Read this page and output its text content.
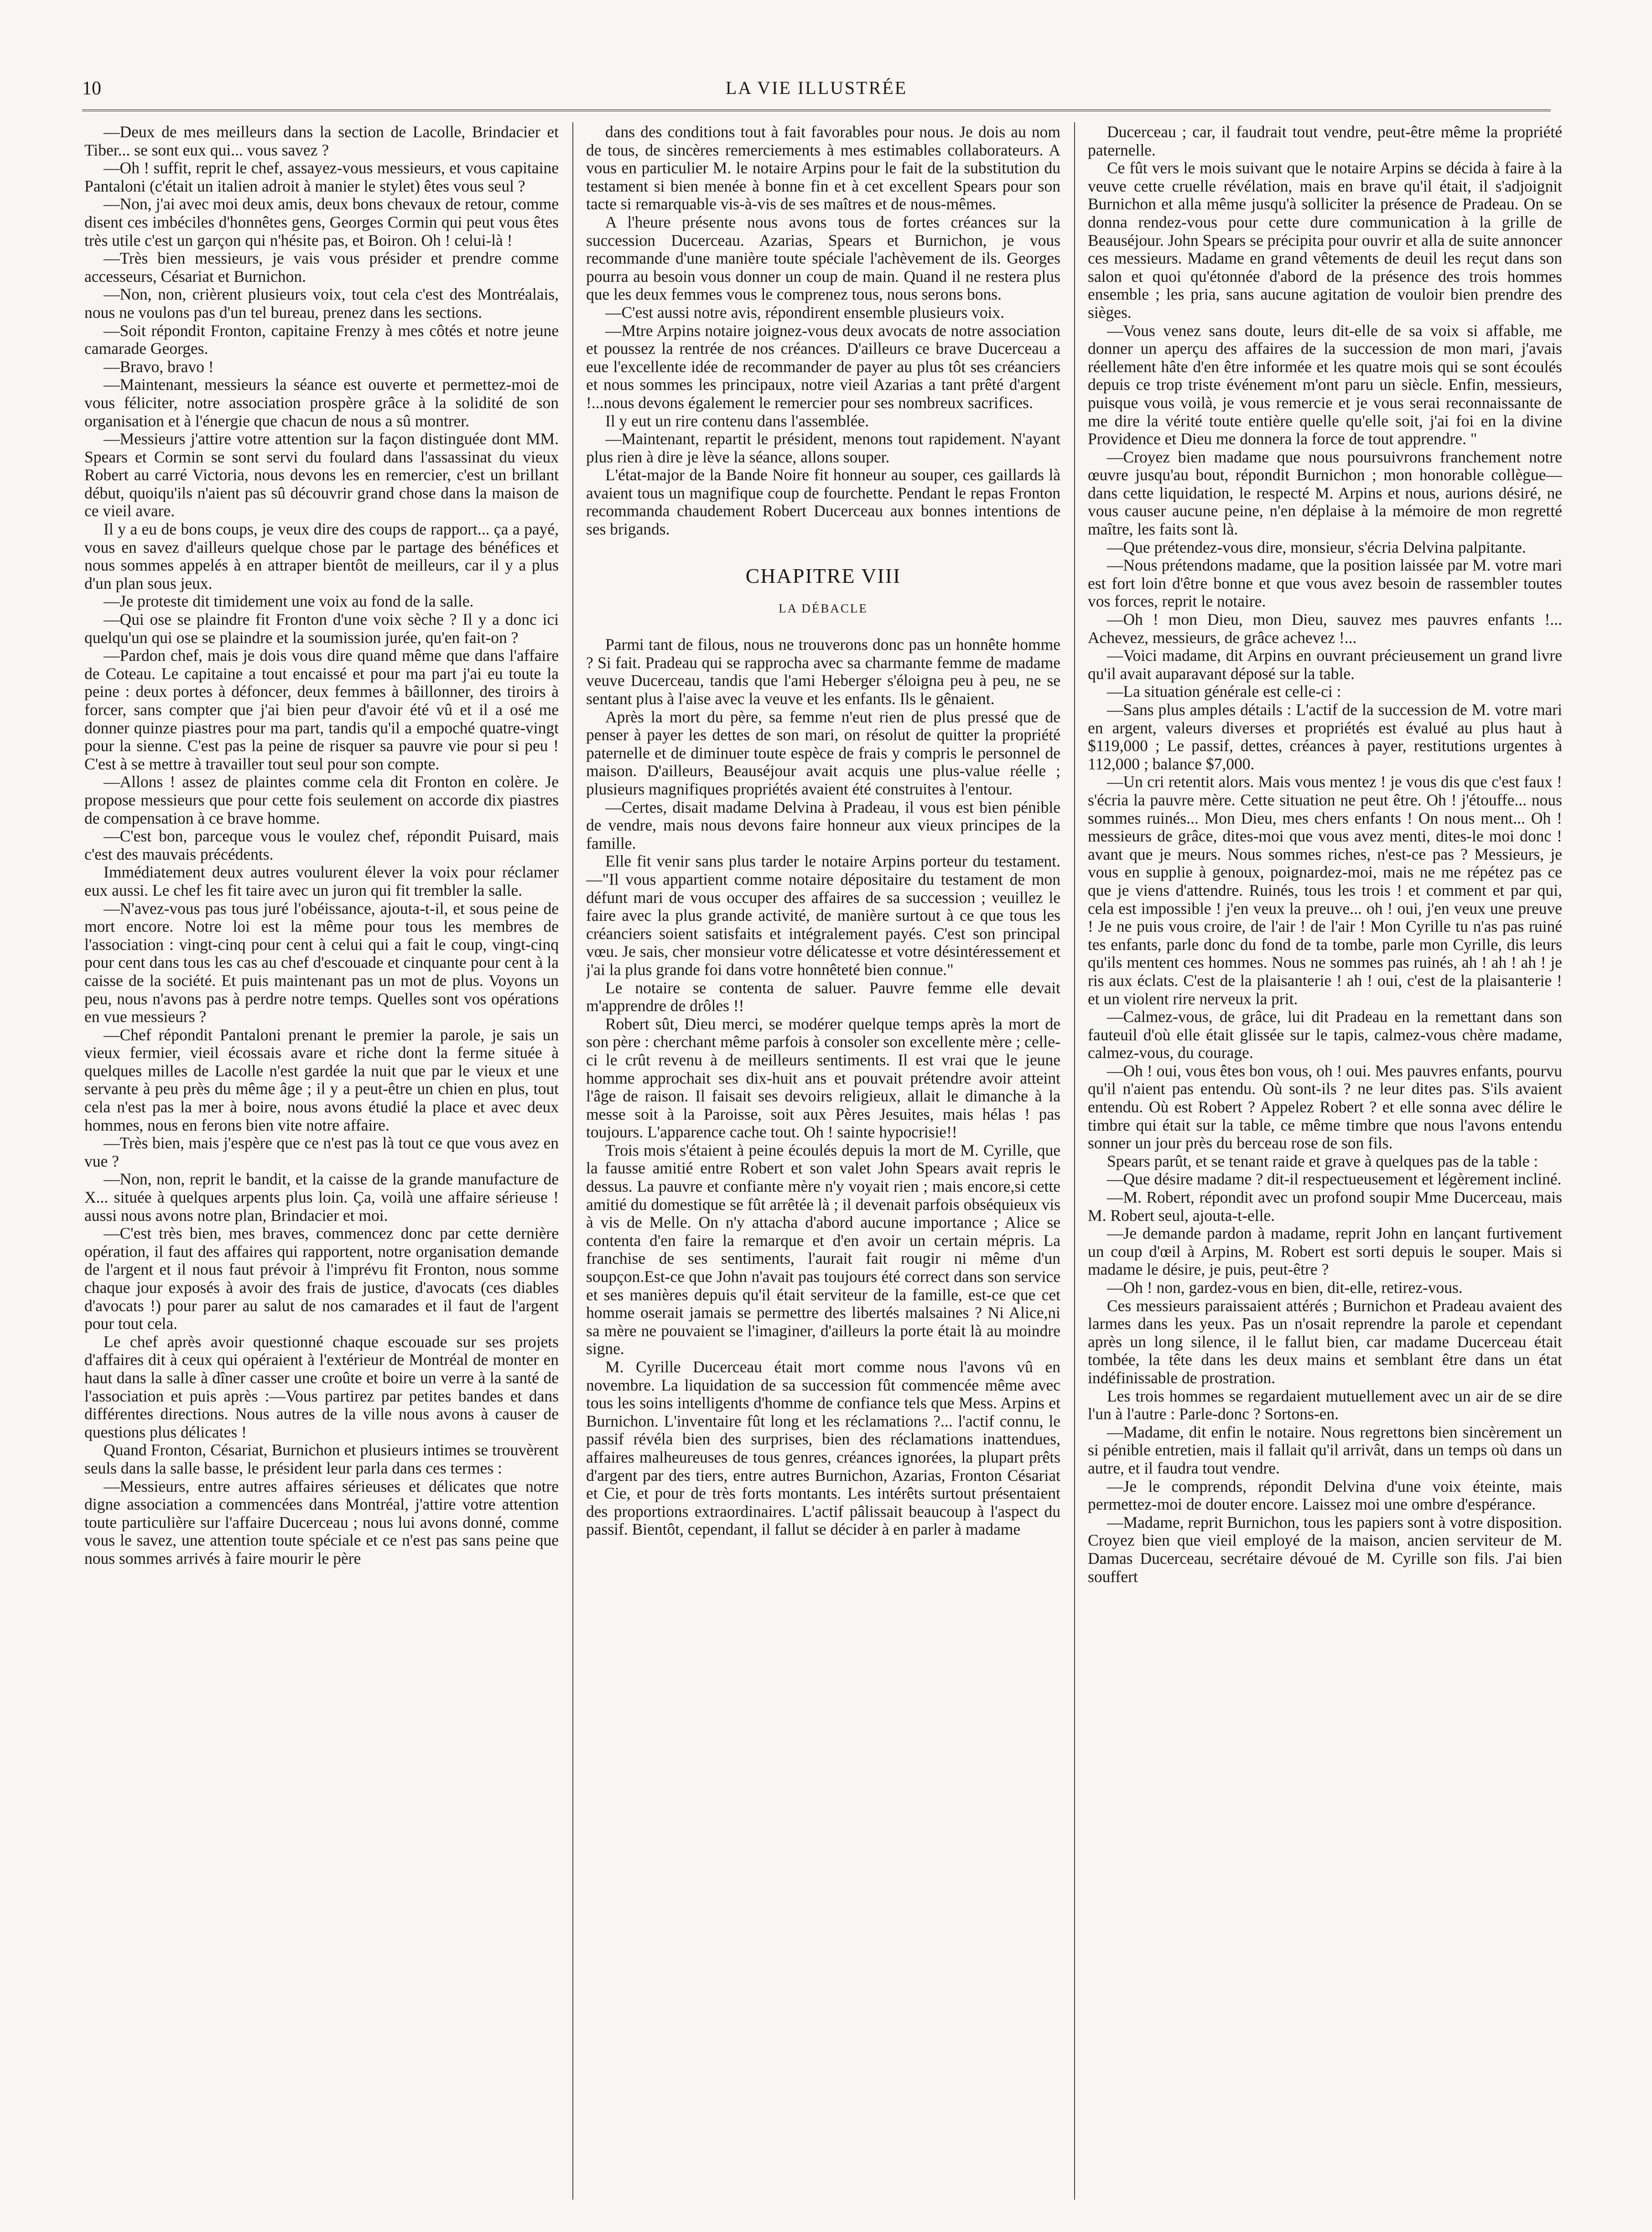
10	LA VIE ILLUSTRÉE

—Deux de mes meilleurs dans la section de Lacolle, Brindacier et Tiber... se sont eux qui... vous savez ?

—Oh ! suffit, reprit le chef, assayez-vous messieurs, et vous capitaine Pantaloni (c'était un italien adroit à manier le stylet) êtes vous seul ?

—Non, j'ai avec moi deux amis, deux bons chevaux de retour, comme disent ces imbéciles d'honnêtes gens, Georges Cormin qui peut vous êtes très utile c'est un garçon qui n'hésite pas, et Boiron. Oh ! celui-là !

—Très bien messieurs, je vais vous présider et prendre comme accesseurs, Césariat et Burnichon.

—Non, non, crièrent plusieurs voix, tout cela c'est des Montréalais, nous ne voulons pas d'un tel bureau, prenez dans les sections.

—Soit répondit Fronton, capitaine Frenzy à mes côtés et notre jeune camarade Georges.

—Bravo, bravo !

—Maintenant, messieurs la séance est ouverte et permettez-moi de vous féliciter, notre association prospère grâce à la solidité de son organisation et à l'énergie que chacun de nous a sû montrer.

—Messieurs j'attire votre attention sur la façon distinguée dont MM. Spears et Cormin se sont servi du foulard dans l'assassinat du vieux Robert au carré Victoria, nous devons les en remercier, c'est un brillant début, quoiqu'ils n'aient pas sû découvrir grand chose dans la maison de ce vieil avare.

Il y a eu de bons coups, je veux dire des coups de rapport... ça a payé, vous en savez d'ailleurs quelque chose par le partage des bénéfices et nous sommes appelés à en attraper bientôt de meilleurs, car il y a plus d'un plan sous jeux.

—Je proteste dit timidement une voix au fond de la salle.

—Qui ose se plaindre fit Fronton d'une voix sèche ? Il y a donc ici quelqu'un qui ose se plaindre et la soumission jurée, qu'en fait-on ?

—Pardon chef, mais je dois vous dire quand même que dans l'affaire de Coteau. Le capitaine a tout encaissé et pour ma part j'ai eu toute la peine : deux portes à défoncer, deux femmes à bâillonner, des tiroirs à forcer, sans compter que j'ai bien peur d'avoir été vû et il a osé me donner quinze piastres pour ma part, tandis qu'il a empoché quatre-vingt pour la sienne. C'est pas la peine de risquer sa pauvre vie pour si peu ! C'est à se mettre à travailler tout seul pour son compte.

—Allons ! assez de plaintes comme cela dit Fronton en colère. Je propose messieurs que pour cette fois seulement on accorde dix piastres de compensation à ce brave homme.

—C'est bon, parceque vous le voulez chef, répondit Puisard, mais c'est des mauvais précédents.

Immédiatement deux autres voulurent élever la voix pour réclamer eux aussi. Le chef les fit taire avec un juron qui fit trembler la salle.

—N'avez-vous pas tous juré l'obéissance, ajouta-t-il, et sous peine de mort encore. Notre loi est la même pour tous les membres de l'association : vingt-cinq pour cent à celui qui a fait le coup, vingt-cinq pour cent dans tous les cas au chef d'escouade et cinquante pour cent à la caisse de la société. Et puis maintenant pas un mot de plus. Voyons un peu, nous n'avons pas à perdre notre temps. Quelles sont vos opérations en vue messieurs ?

—Chef répondit Pantaloni prenant le premier la parole, je sais un vieux fermier, vieil écossais avare et riche dont la ferme située à quelques milles de Lacolle n'est gardée la nuit que par le vieux et une servante à peu près du même âge ; il y a peut-être un chien en plus, tout cela n'est pas la mer à boire, nous avons étudié la place et avec deux hommes, nous en ferons bien vite notre affaire.

—Très bien, mais j'espère que ce n'est pas là tout ce que vous avez en vue ?

—Non, non, reprit le bandit, et la caisse de la grande manufacture de X... située à quelques arpents plus loin. Ça, voilà une affaire sérieuse ! aussi nous avons notre plan, Brindacier et moi.

—C'est très bien, mes braves, commencez donc par cette dernière opération, il faut des affaires qui rapportent, notre organisation demande de l'argent et il nous faut prévoir à l'imprévu fit Fronton, nous somme chaque jour exposés à avoir des frais de justice, d'avocats (ces diables d'avocats !) pour parer au salut de nos camarades et il faut de l'argent pour tout cela.

Le chef après avoir questionné chaque escouade sur ses projets d'affaires dit à ceux qui opéraient à l'extérieur de Montréal de monter en haut dans la salle à dîner casser une croûte et boire un verre à la santé de l'association et puis après :—Vous partirez par petites bandes et dans différentes directions. Nous autres de la ville nous avons à causer de questions plus délicates !

Quand Fronton, Césariat, Burnichon et plusieurs intimes se trouvèrent seuls dans la salle basse, le président leur parla dans ces termes :

—Messieurs, entre autres affaires sérieuses et délicates que notre digne association a commencées dans Montréal, j'attire votre attention toute particulière sur l'affaire Ducerceau ; nous lui avons donné, comme vous le savez, une attention toute spéciale et ce n'est pas sans peine que nous sommes arrivés à faire mourir le père

dans des conditions tout à fait favorables pour nous. Je dois au nom de tous, de sincères remerciements à mes estimables collaborateurs. A vous en particulier M. le notaire Arpins pour le fait de la substitution du testament si bien menée à bonne fin et à cet excellent Spears pour son tacte si remarquable vis-à-vis de ses maîtres et de nous-mêmes.

A l'heure présente nous avons tous de fortes créances sur la succession Ducerceau. Azarias, Spears et Burnichon, je vous recommande d'une manière toute spéciale l'achèvement de ils. Georges pourra au besoin vous donner un coup de main. Quand il ne restera plus que les deux femmes vous le comprenez tous, nous serons bons.

—C'est aussi notre avis, répondirent ensemble plusieurs voix.

—Mtre Arpins notaire joignez-vous deux avocats de notre association et poussez la rentrée de nos créances. D'ailleurs ce brave Ducerceau a eue l'excellente idée de recommander de payer au plus tôt ses créanciers et nous sommes les principaux, notre vieil Azarias a tant prêté d'argent !...nous devons également le remercier pour ses nombreux sacrifices.

Il y eut un rire contenu dans l'assemblée.

—Maintenant, repartit le président, menons tout rapidement. N'ayant plus rien à dire je lève la séance, allons souper.

L'état-major de la Bande Noire fit honneur au souper, ces gaillards là avaient tous un magnifique coup de fourchette. Pendant le repas Fronton recommanda chaudement Robert Ducerceau aux bonnes intentions de ses brigands.

CHAPITRE VIII
LA DÉBACLE

Parmi tant de filous, nous ne trouverons donc pas un honnête homme ? Si fait. Pradeau qui se rapprocha avec sa charmante femme de madame veuve Ducerceau, tandis que l'ami Heberger s'éloigna peu à peu, ne se sentant plus à l'aise avec la veuve et les enfants. Ils le gênaient.

Après la mort du père, sa femme n'eut rien de plus pressé que de penser à payer les dettes de son mari, on résolut de quitter la propriété paternelle et de diminuer toute espèce de frais y compris le personnel de maison. D'ailleurs, Beauséjour avait acquis une plus-value réelle ; plusieurs magnifiques propriétés avaient été construites à l'entour.

—Certes, disait madame Delvina à Pradeau, il vous est bien pénible de vendre, mais nous devons faire honneur aux vieux principes de la famille.

Elle fit venir sans plus tarder le notaire Arpins porteur du testament.—"Il vous appartient comme notaire dépositaire du testament de mon défunt mari de vous occuper des affaires de sa succession ; veuillez le faire avec la plus grande activité, de manière surtout à ce que tous les créanciers soient satisfaits et intégralement payés. C'est son principal vœu. Je sais, cher monsieur votre délicatesse et votre désintéressement et j'ai la plus grande foi dans votre honnêteté bien connue."

Le notaire se contenta de saluer. Pauvre femme elle devait m'apprendre de drôles !!

Robert sût, Dieu merci, se modérer quelque temps après la mort de son père : cherchant même parfois à consoler son excellente mère ; celle-ci le crût revenu à de meilleurs sentiments. Il est vrai que le jeune homme approchait ses dix-huit ans et pouvait prétendre avoir atteint l'âge de raison. Il faisait ses devoirs religieux, allait le dimanche à la messe soit à la Paroisse, soit aux Pères Jesuites, mais hélas ! pas toujours. L'apparence cache tout. Oh ! sainte hypocrisie!!

Trois mois s'étaient à peine écoulés depuis la mort de M. Cyrille, que la fausse amitié entre Robert et son valet John Spears avait repris le dessus. La pauvre et confiante mère n'y voyait rien ; mais encore,si cette amitié du domestique se fût arrêtée là ; il devenait parfois obséquieux vis à vis de Melle. On n'y attacha d'abord aucune importance ; Alice se contenta d'en faire la remarque et d'en avoir un certain mépris. La franchise de ses sentiments, l'aurait fait rougir ni même d'un soupçon.Est-ce que John n'avait pas toujours été correct dans son service et ses manières depuis qu'il était serviteur de la famille, est-ce que cet homme oserait jamais se permettre des libertés malsaines ? Ni Alice,ni sa mère ne pouvaient se l'imaginer, d'ailleurs la porte était là au moindre signe.

M. Cyrille Ducerceau était mort comme nous l'avons vû en novembre. La liquidation de sa succession fût commencée même avec tous les soins intelligents d'homme de confiance tels que Mess. Arpins et Burnichon. L'inventaire fût long et les réclamations ?... l'actif connu, le passif révéla bien des surprises, bien des réclamations inattendues, affaires malheureuses de tous genres, créances ignorées, la plupart prêts d'argent par des tiers, entre autres Burnichon, Azarias, Fronton Césariat et Cie, et pour de très forts montants. Les intérêts surtout présentaient des proportions extraordinaires. L'actif pâlissait beaucoup à l'aspect du passif. Bientôt, cependant, il fallut se décider à en parler à madame

Ducerceau ; car, il faudrait tout vendre, peut-être même la propriété paternelle.

Ce fût vers le mois suivant que le notaire Arpins se décida à faire à la veuve cette cruelle révélation, mais en brave qu'il était, il s'adjoignit Burnichon et alla même jusqu'à solliciter la présence de Pradeau. On se donna rendez-vous pour cette dure communication à la grille de Beauséjour. John Spears se précipita pour ouvrir et alla de suite annoncer ces messieurs. Madame en grand vêtements de deuil les reçut dans son salon et quoi qu'étonnée d'abord de la présence des trois hommes ensemble ; les pria, sans aucune agitation de vouloir bien prendre des sièges.

—Vous venez sans doute, leurs dit-elle de sa voix si affable, me donner un aperçu des affaires de la succession de mon mari, j'avais réellement hâte d'en être informée et les quatre mois qui se sont écoulés depuis ce trop triste événement m'ont paru un siècle. Enfin, messieurs, puisque vous voilà, je vous remercie et je vous serai reconnaissante de me dire la vérité toute entière quelle qu'elle soit, j'ai foi en la divine Providence et Dieu me donnera la force de tout apprendre. "

—Croyez bien madame que nous poursuivrons franchement notre œuvre jusqu'au bout, répondit Burnichon ; mon honorable collègue—dans cette liquidation, le respecté M. Arpins et nous, aurions désiré, ne vous causer aucune peine, n'en déplaise à la mémoire de mon regretté maître, les faits sont là.

—Que prétendez-vous dire, monsieur, s'écria Delvina palpitante.

—Nous prétendons madame, que la position laissée par M. votre mari est fort loin d'être bonne et que vous avez besoin de rassembler toutes vos forces, reprit le notaire.

—Oh ! mon Dieu, mon Dieu, sauvez mes pauvres enfants !... Achevez, messieurs, de grâce achevez !...

—Voici madame, dit Arpins en ouvrant précieusement un grand livre qu'il avait auparavant déposé sur la table.

—La situation générale est celle-ci :

—Sans plus amples détails : L'actif de la succession de M. votre mari en argent, valeurs diverses et propriétés est évalué au plus haut à $119,000 ; Le passif, dettes, créances à payer, restitutions urgentes à 112,000 ; balance $7,000.

—Un cri retentit alors. Mais vous mentez ! je vous dis que c'est faux ! s'écria la pauvre mère. Cette situation ne peut être. Oh ! j'étouffe... nous sommes ruinés... Mon Dieu, mes chers enfants ! On nous ment... Oh ! messieurs de grâce, dites-moi que vous avez menti, dites-le moi donc ! avant que je meurs. Nous sommes riches, n'est-ce pas ? Messieurs, je vous en supplie à genoux, poignardez-moi, mais ne me répétez pas ce que je viens d'attendre. Ruinés, tous les trois ! et comment et par qui, cela est impossible ! j'en veux la preuve... oh ! oui, j'en veux une preuve ! Je ne puis vous croire, de l'air ! de l'air ! Mon Cyrille tu n'as pas ruiné tes enfants, parle donc du fond de ta tombe, parle mon Cyrille, dis leurs qu'ils mentent ces hommes. Nous ne sommes pas ruinés, ah ! ah ! ah ! je ris aux éclats. C'est de la plaisanterie ! ah ! oui, c'est de la plaisanterie ! et un violent rire nerveux la prit.

—Calmez-vous, de grâce, lui dit Pradeau en la remettant dans son fauteuil d'où elle était glissée sur le tapis, calmez-vous chère madame, calmez-vous, du courage.

—Oh ! oui, vous êtes bon vous, oh ! oui. Mes pauvres enfants, pourvu qu'il n'aient pas entendu. Où sont-ils ? ne leur dites pas. S'ils avaient entendu. Où est Robert ? Appelez Robert ? et elle sonna avec délire le timbre qui était sur la table, ce même timbre que nous l'avons entendu sonner un jour près du berceau rose de son fils.

Spears parût, et se tenant raide et grave à quelques pas de la table :

—Que désire madame ? dit-il respectueusement et légèrement incliné.

—M. Robert, répondit avec un profond soupir Mme Ducerceau, mais M. Robert seul, ajouta-t-elle.

—Je demande pardon à madame, reprit John en lançant furtivement un coup d'œil à Arpins, M. Robert est sorti depuis le souper. Mais si madame le désire, je puis, peut-être ?

—Oh ! non, gardez-vous en bien, dit-elle, retirez-vous.

Ces messieurs paraissaient attérés ; Burnichon et Pradeau avaient des larmes dans les yeux. Pas un n'osait reprendre la parole et cependant après un long silence, il le fallut bien, car madame Ducerceau était tombée, la tête dans les deux mains et semblant être dans un état indéfinissable de prostration.

Les trois hommes se regardaient mutuellement avec un air de se dire l'un à l'autre : Parle-donc ? Sortons-en.

—Madame, dit enfin le notaire. Nous regrettons bien sincèrement un si pénible entretien, mais il fallait qu'il arrivât, dans un temps où dans un autre, et il faudra tout vendre.

—Je le comprends, répondit Delvina d'une voix éteinte, mais permettez-moi de douter encore. Laissez moi une ombre d'espérance.

—Madame, reprit Burnichon, tous les papiers sont à votre disposition. Croyez bien que vieil employé de la maison, ancien serviteur de M. Damas Ducerceau, secrétaire dévoué de M. Cyrille son fils. J'ai bien souffert
